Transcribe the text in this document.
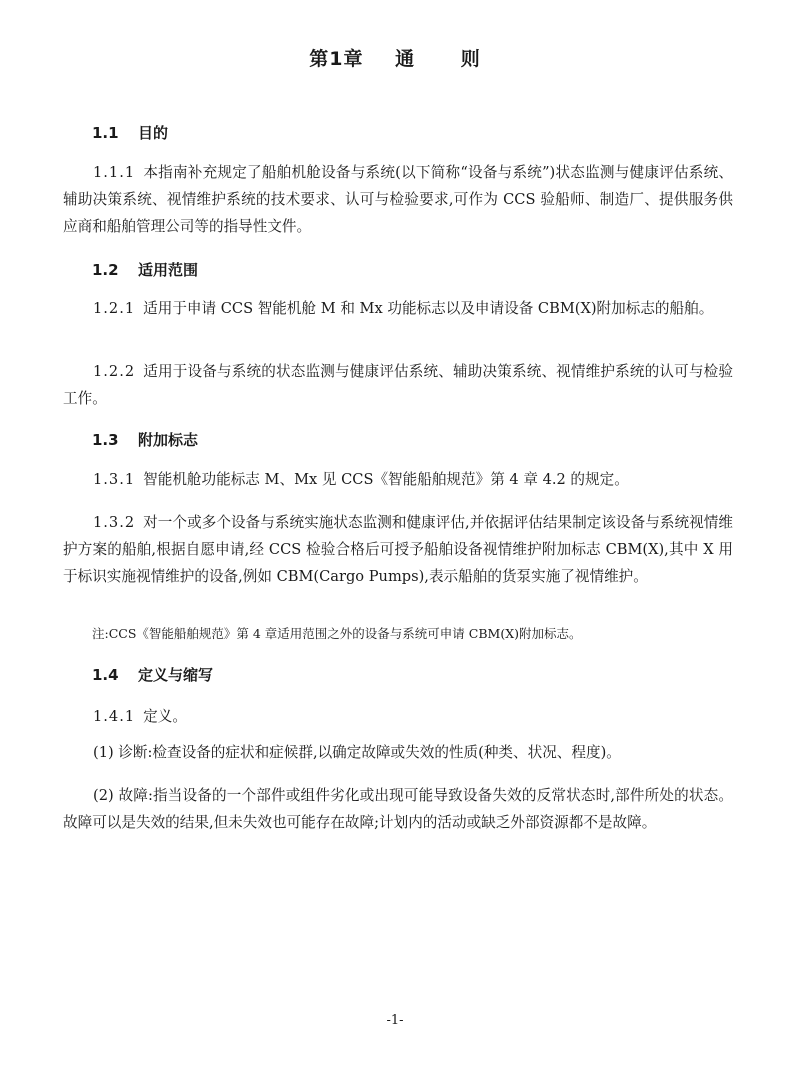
第1章 通 则
1.1 目的
1.1.1 本指南补充规定了船舶机舱设备与系统(以下简称“设备与系统”)状态监测与健康评估系统、辅助决策系统、视情维护系统的技术要求、认可与检验要求,可作为 CCS 验船师、制造厂、提供服务供应商和船舶管理公司等的指导性文件。
1.2 适用范围
1.2.1 适用于申请 CCS 智能机舱 M 和 Mx 功能标志以及申请设备 CBM(X)附加标志的船舶。
1.2.2 适用于设备与系统的状态监测与健康评估系统、辅助决策系统、视情维护系统的认可与检验工作。
1.3 附加标志
1.3.1 智能机舱功能标志 M、Mx 见 CCS《智能船舶规范》第 4 章 4.2 的规定。
1.3.2 对一个或多个设备与系统实施状态监测和健康评估,并依据评估结果制定该设备与系统视情维护方案的船舶,根据自愿申请,经 CCS 检验合格后可授予船舶设备视情维护附加标志 CBM(X),其中 X 用于标识实施视情维护的设备,例如 CBM(Cargo Pumps),表示船舶的货泵实施了视情维护。
注:CCS《智能船舶规范》第 4 章适用范围之外的设备与系统可申请 CBM(X)附加标志。
1.4 定义与缩写
1.4.1 定义。
(1) 诊断:检查设备的症状和症候群,以确定故障或失效的性质(种类、状况、程度)。
(2) 故障:指当设备的一个部件或组件劣化或出现可能导致设备失效的反常状态时,部件所处的状态。故障可以是失效的结果,但未失效也可能存在故障;计划内的活动或缺乏外部资源都不是故障。
-1-
